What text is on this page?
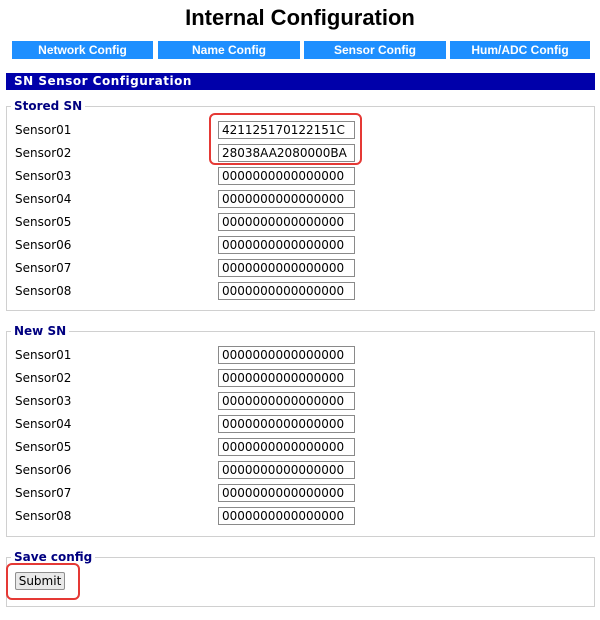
Internal Configuration
Network Config	Name Config	Sensor Config	Hum/ADC Config
SN Sensor Configuration
Stored SN
Sensor01
421125170122151C
Sensor02
28038AA2080000BA
Sensor03
0000000000000000
Sensor04
0000000000000000
Sensor05
0000000000000000
Sensor06
0000000000000000
Sensor07
0000000000000000
Sensor08
0000000000000000
New SN
Sensor01
0000000000000000
Sensor02
0000000000000000
Sensor03
0000000000000000
Sensor04
0000000000000000
Sensor05
0000000000000000
Sensor06
0000000000000000
Sensor07
0000000000000000
Sensor08
0000000000000000
Save config
Submit
